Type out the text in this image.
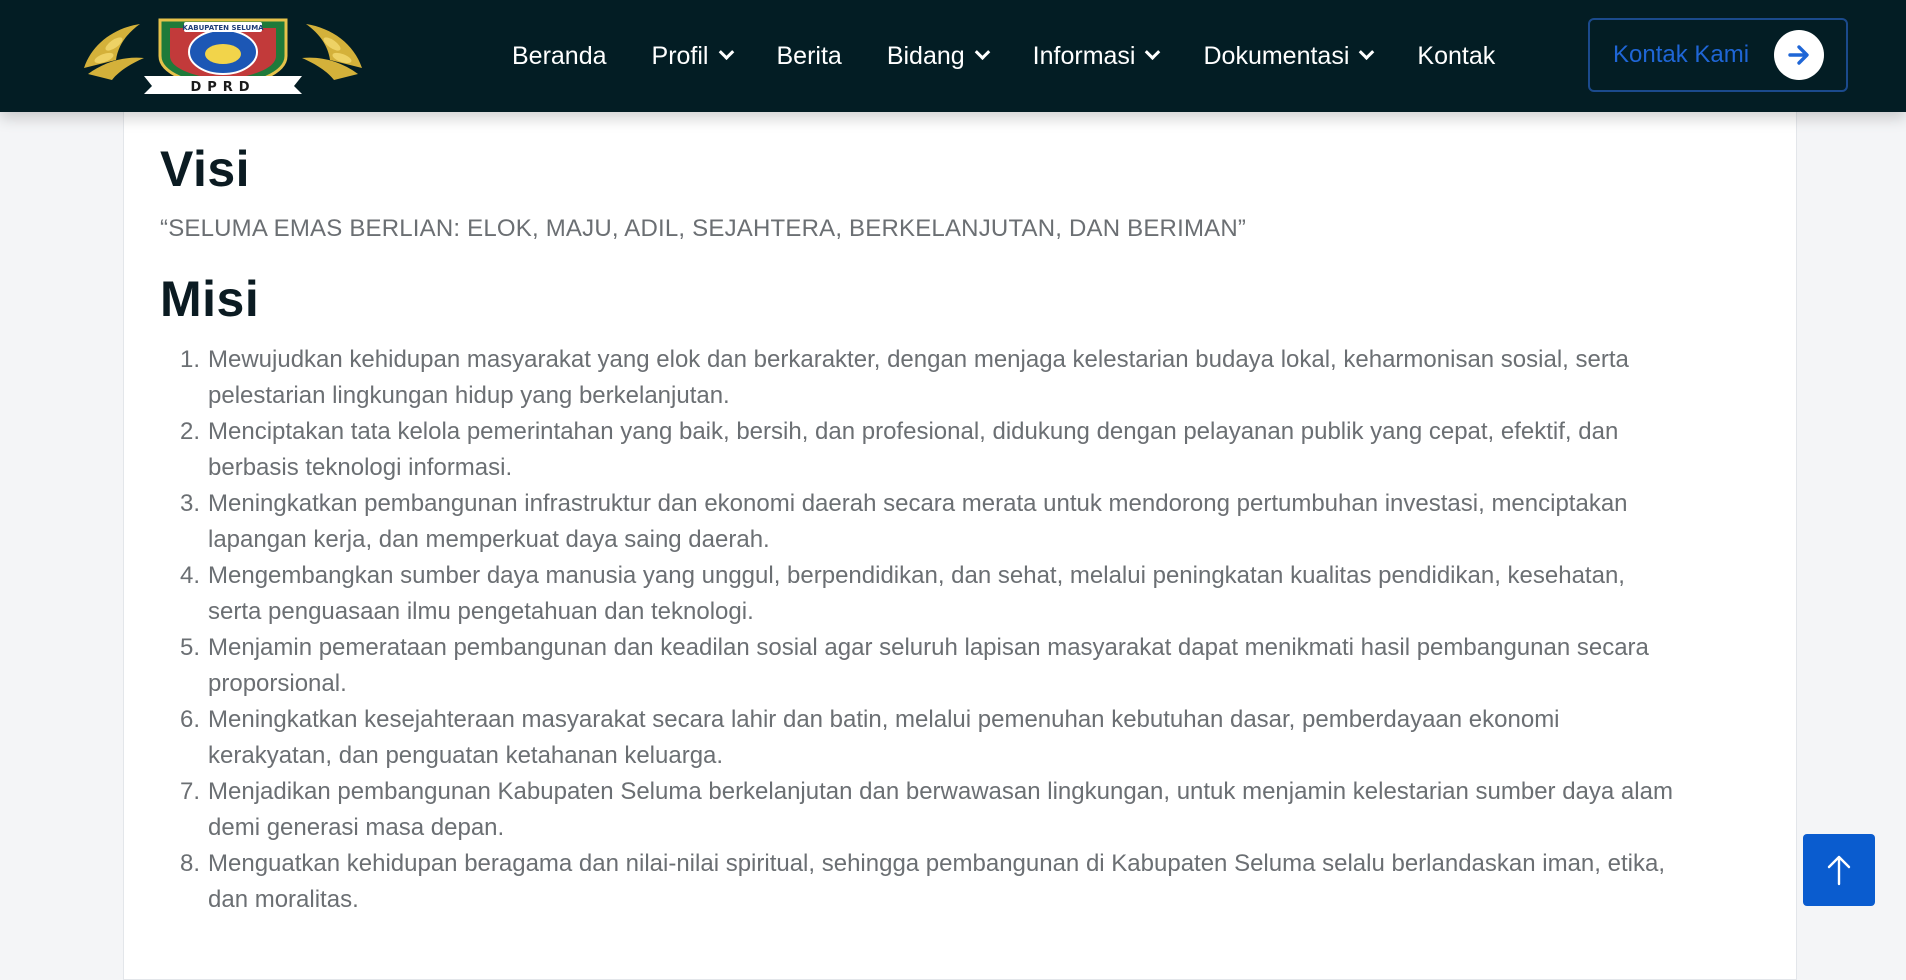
KABUPATEN SELUMA
DPRD
Beranda Profil	Berita Bidang	Informasi	Dokumentasi	Kontak	Kontak Kami
Visi

“SELUMA EMAS BERLIAN: ELOK, MAJU, ADIL, SEJAHTERA, BERKELANJUTAN, DAN BERIMAN”

Misi
1. Mewujudkan kehidupan masyarakat yang elok dan berkarakter, dengan menjaga kelestarian budaya lokal, keharmonisan sosial, serta
pelestarian lingkungan hidup yang berkelanjutan.
2. Menciptakan tata kelola pemerintahan yang baik, bersih, dan profesional, didukung dengan pelayanan publik yang cepat, efektif, dan
berbasis teknologi informasi.
3. Meningkatkan pembangunan infrastruktur dan ekonomi daerah secara merata untuk mendorong pertumbuhan investasi, menciptakan
lapangan kerja, dan memperkuat daya saing daerah.
4. Mengembangkan sumber daya manusia yang unggul, berpendidikan, dan sehat, melalui peningkatan kualitas pendidikan, kesehatan,
serta penguasaan ilmu pengetahuan dan teknologi.
5. Menjamin pemerataan pembangunan dan keadilan sosial agar seluruh lapisan masyarakat dapat menikmati hasil pembangunan secara
proporsional.
6. Meningkatkan kesejahteraan masyarakat secara lahir dan batin, melalui pemenuhan kebutuhan dasar, pemberdayaan ekonomi
kerakyatan, dan penguatan ketahanan keluarga.
7. Menjadikan pembangunan Kabupaten Seluma berkelanjutan dan berwawasan lingkungan, untuk menjamin kelestarian sumber daya alam
demi generasi masa depan.
8. Menguatkan kehidupan beragama dan nilai-nilai spiritual, sehingga pembangunan di Kabupaten Seluma selalu berlandaskan iman, etika,
dan moralitas.
